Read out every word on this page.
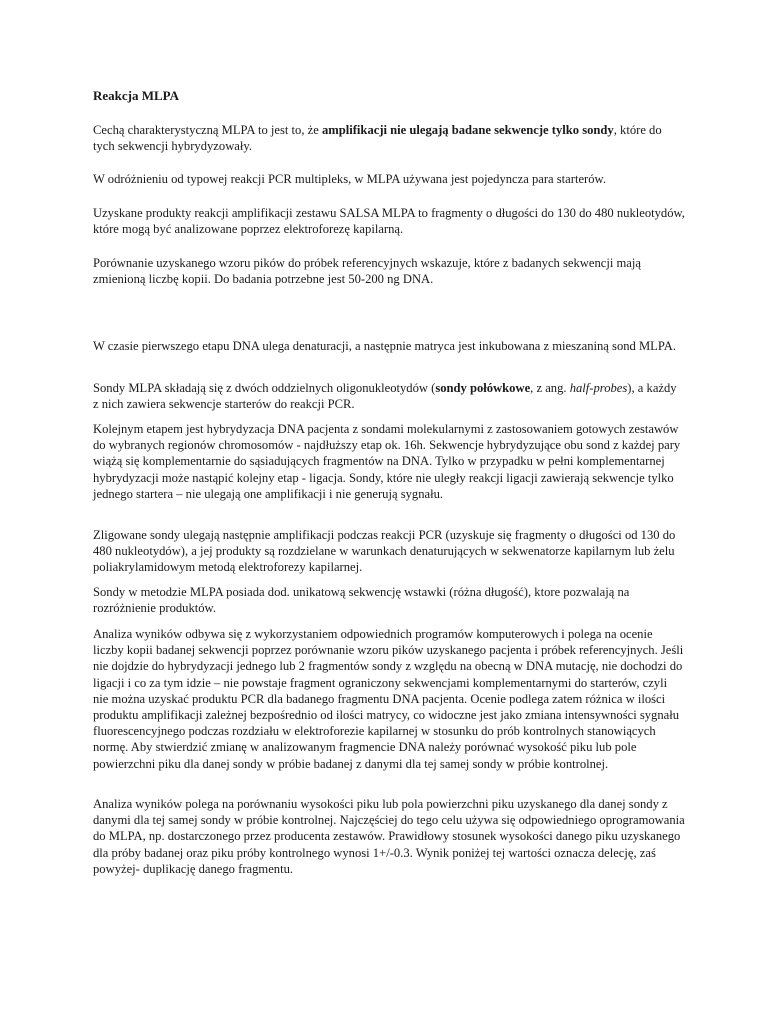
Reakcja MLPA

Cechą charakterystyczną MLPA to jest to, że amplifikacji nie ulegają badane sekwencje tylko sondy, które do tych sekwencji hybrydyzowały.

W odróżnieniu od typowej reakcji PCR multipleks, w MLPA używana jest pojedyncza para starterów.

Uzyskane produkty reakcji amplifikacji zestawu SALSA MLPA to fragmenty o długości do 130 do 480 nukleotydów, które mogą być analizowane poprzez elektroforezę kapilarną.

Porównanie uzyskanego wzoru pików do próbek referencyjnych wskazuje, które z badanych sekwencji mają zmienioną liczbę kopii. Do badania potrzebne jest 50-200 ng DNA.

W czasie pierwszego etapu DNA ulega denaturacji, a następnie matryca jest inkubowana z mieszaniną sond MLPA.

Sondy MLPA składają się z dwóch oddzielnych oligonukleotydów (sondy połówkowe, z ang. half-probes), a każdy z nich zawiera sekwencje starterów do reakcji PCR.

Kolejnym etapem jest hybrydyzacja DNA pacjenta z sondami molekularnymi z zastosowaniem gotowych zestawów do wybranych regionów chromosomów - najdłuższy etap ok. 16h. Sekwencje hybrydyzujące obu sond z każdej pary wiążą się komplementarnie do sąsiadujących fragmentów na DNA. Tylko w przypadku w pełni komplementarnej hybrydyzacji może nastąpić kolejny etap - ligacja. Sondy, które nie uległy reakcji ligacji zawierają sekwencje tylko jednego startera – nie ulegają one amplifikacji i nie generują sygnału.

Zligowane sondy ulegają następnie amplifikacji podczas reakcji PCR (uzyskuje się fragmenty o długości od 130 do 480 nukleotydów), a jej produkty są rozdzielane w warunkach denaturujących w sekwenatorze kapilarnym lub żelu poliakrylamidowym metodą elektroforezy kapilarnej.

Sondy w metodzie MLPA posiada dod. unikatową sekwencję wstawki (różna długość), ktore pozwalają na rozróżnienie produktów.

Analiza wyników odbywa się z wykorzystaniem odpowiednich programów komputerowych i polega na ocenie liczby kopii badanej sekwencji poprzez porównanie wzoru pików uzyskanego pacjenta i próbek referencyjnych. Jeśli nie dojdzie do hybrydyzacji jednego lub 2 fragmentów sondy z względu na obecną w DNA mutację, nie dochodzi do ligacji i co za tym idzie – nie powstaje fragment ograniczony sekwencjami komplementarnymi do starterów, czyli nie można uzyskać produktu PCR dla badanego fragmentu DNA pacjenta. Ocenie podlega zatem różnica w ilości produktu amplifikacji zależnej bezpośrednio od ilości matrycy, co widoczne jest jako zmiana intensywności sygnału fluorescencyjnego podczas rozdziału w elektroforezie kapilarnej w stosunku do prób kontrolnych stanowiących normę. Aby stwierdzić zmianę w analizowanym fragmencie DNA należy porównać wysokość piku lub pole powierzchni piku dla danej sondy w próbie badanej z danymi dla tej samej sondy w próbie kontrolnej.

Analiza wyników polega na porównaniu wysokości piku lub pola powierzchni piku uzyskanego dla danej sondy z danymi dla tej samej sondy w próbie kontrolnej. Najczęściej do tego celu używa się odpowiedniego oprogramowania do MLPA, np. dostarczonego przez producenta zestawów. Prawidłowy stosunek wysokości danego piku uzyskanego dla próby badanej oraz piku próby kontrolnego wynosi 1+/-0.3. Wynik poniżej tej wartości oznacza delecję, zaś powyżej- duplikację danego fragmentu.
